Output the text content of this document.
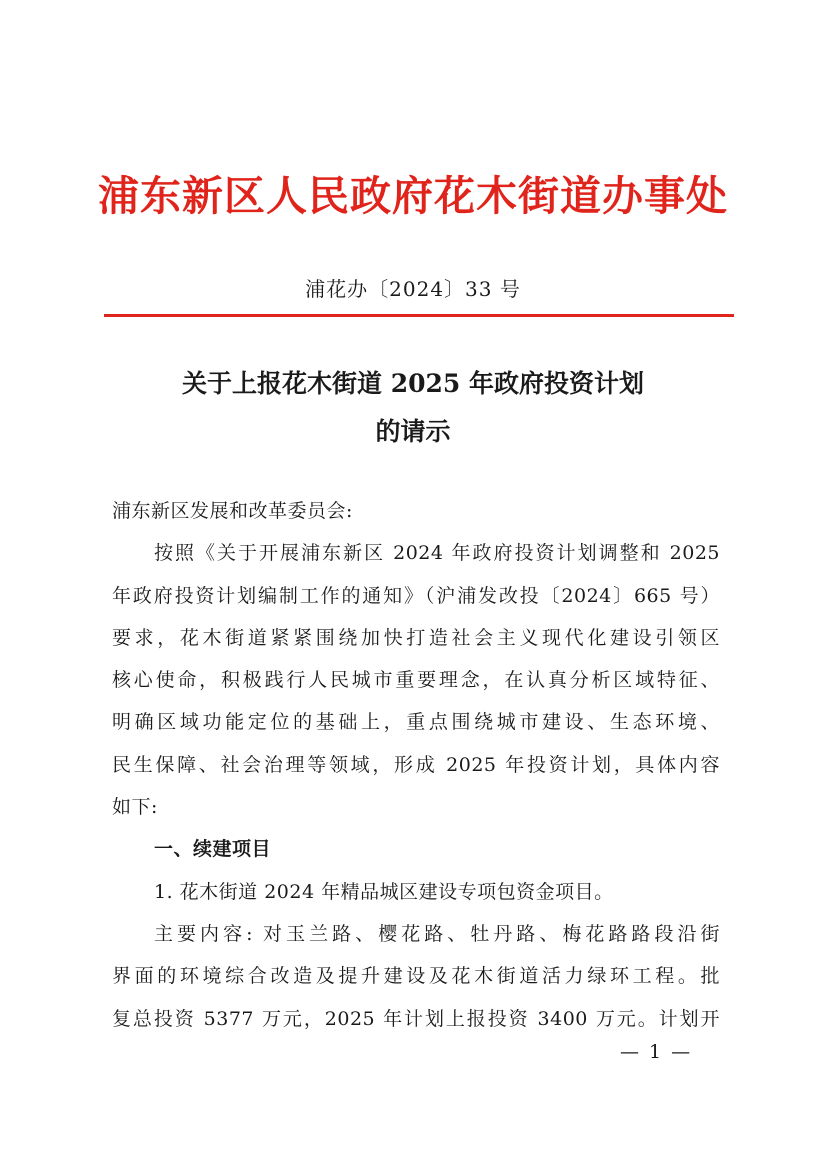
浦东新区人民政府花木街道办事处
浦花办〔2024〕33 号
关于上报花木街道 2025 年政府投资计划
的请示
浦东新区发展和改革委员会:
按照《关于开展浦东新区 2024 年政府投资计划调整和 2025
年政府投资计划编制工作的通知》（沪浦发改投〔2024〕665 号）
要求，花木街道紧紧围绕加快打造社会主义现代化建设引领区
核心使命，积极践行人民城市重要理念，在认真分析区域特征、
明确区域功能定位的基础上，重点围绕城市建设、生态环境、
民生保障、社会治理等领域，形成 2025 年投资计划，具体内容
如下:
一、续建项目
1. 花木街道 2024 年精品城区建设专项包资金项目。
主要内容: 对玉兰路、樱花路、牡丹路、梅花路路段沿街
界面的环境综合改造及提升建设及花木街道活力绿环工程。批
复总投资 5377 万元，2025 年计划上报投资 3400 万元。计划开
— 1 —
